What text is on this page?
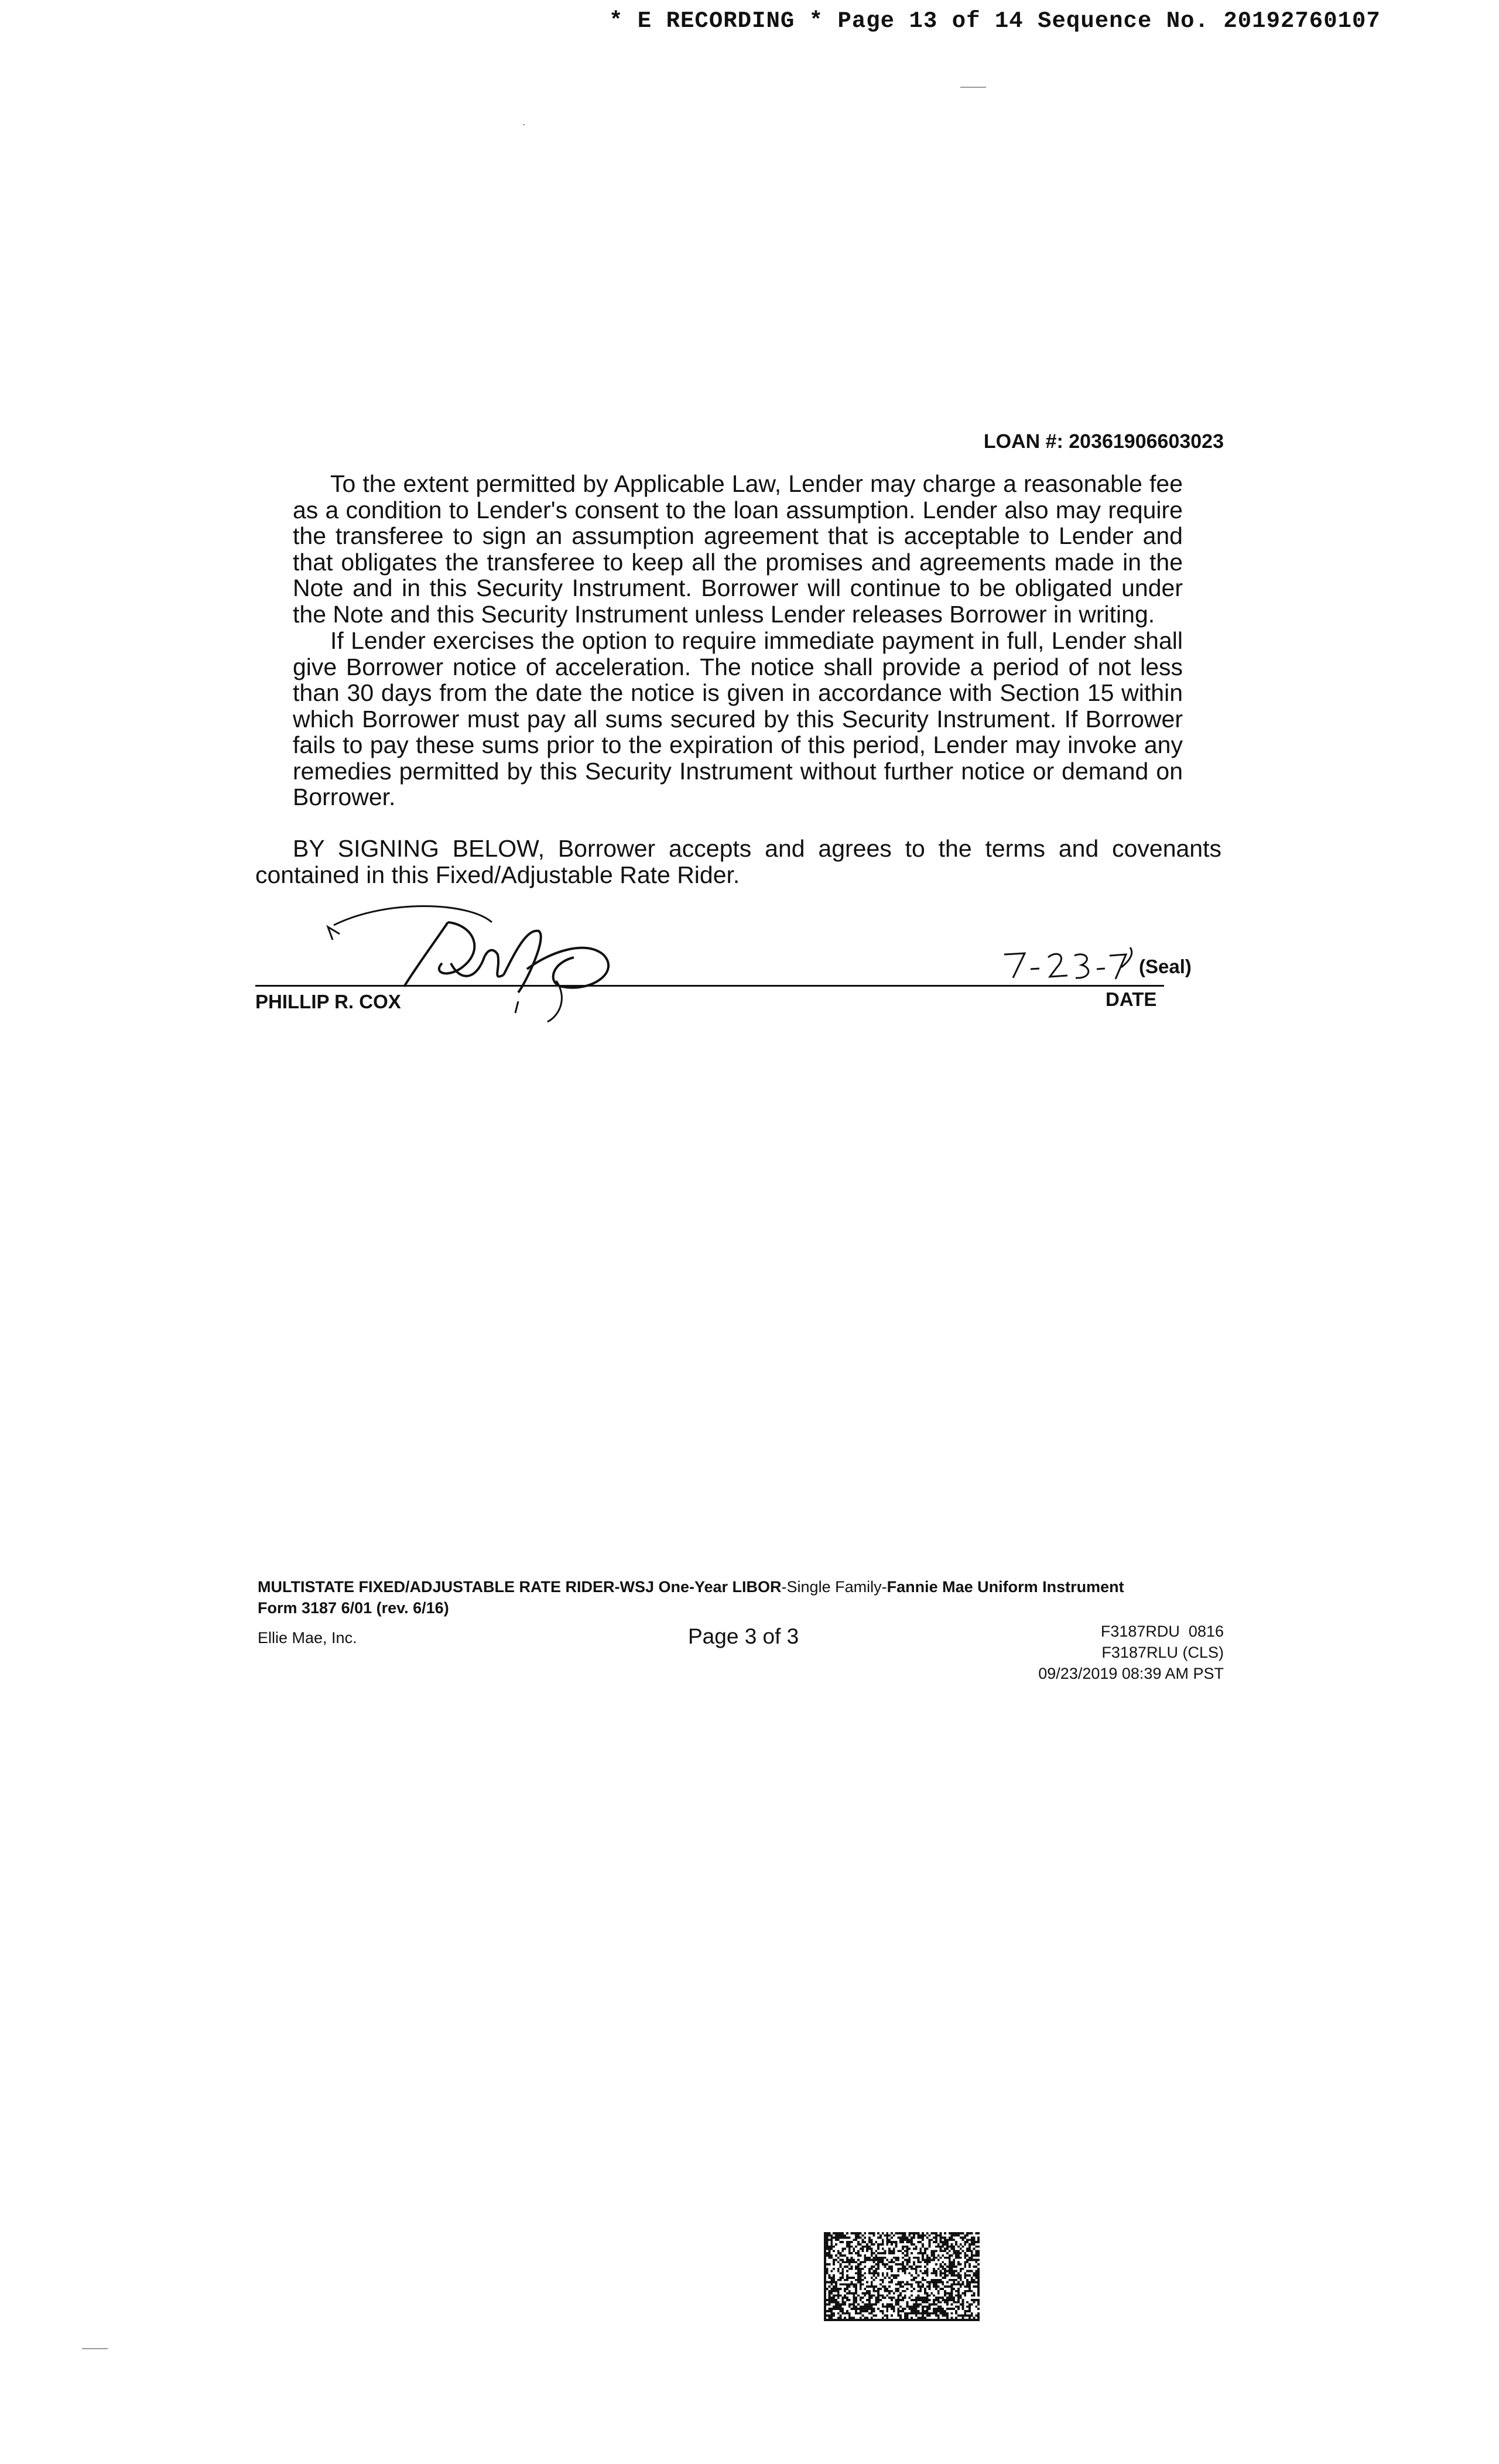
* E RECORDING * Page 13 of 14 Sequence No. 20192760107
LOAN #: 20361906603023

To the extent permitted by Applicable Law, Lender may charge a reasonable fee as a condition to Lender's consent to the loan assumption. Lender also may require the transferee to sign an assumption agreement that is acceptable to Lender and that obligates the transferee to keep all the promises and agreements made in the Note and in this Security Instrument. Borrower will continue to be obligated under the Note and this Security Instrument unless Lender releases Borrower in writing.

If Lender exercises the option to require immediate payment in full, Lender shall give Borrower notice of acceleration. The notice shall provide a period of not less than 30 days from the date the notice is given in accordance with Section 15 within which Borrower must pay all sums secured by this Security Instrument. If Borrower fails to pay these sums prior to the expiration of this period, Lender may invoke any remedies permitted by this Security Instrument without further notice or demand on Borrower.

BY SIGNING BELOW, Borrower accepts and agrees to the terms and covenants contained in this Fixed/Adjustable Rate Rider.

(Seal)
PHILLIP R. COX	DATE
MULTISTATE FIXED/ADJUSTABLE RATE RIDER-WSJ One-Year LIBOR-Single Family-Fannie Mae Uniform Instrument
Form 3187 6/01 (rev. 6/16)
Ellie Mae, Inc.	Page 3 of 3	F3187RDU  0816
F3187RLU (CLS)
09/23/2019 08:39 AM PST
